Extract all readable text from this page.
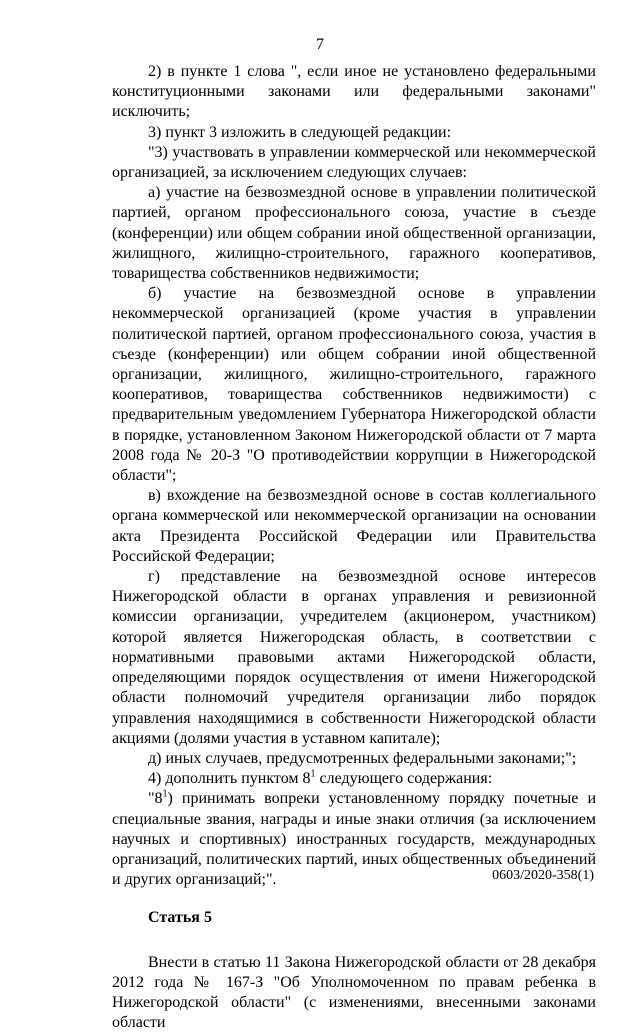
7

2) в пункте 1 слова ", если иное не установлено федеральными конституционными законами или федеральными законами" исключить;

3) пункт 3 изложить в следующей редакции:

"3) участвовать в управлении коммерческой или некоммерческой организацией, за исключением следующих случаев:

а) участие на безвозмездной основе в управлении политической партией, органом профессионального союза, участие в съезде (конференции) или общем собрании иной общественной организации, жилищного, жилищно-строительного, гаражного кооперативов, товарищества собственников недвижимости;

б) участие на безвозмездной основе в управлении некоммерческой организацией (кроме участия в управлении политической партией, органом профессионального союза, участия в съезде (конференции) или общем собрании иной общественной организации, жилищного, жилищно-строительного, гаражного кооперативов, товарищества собственников недвижимости) с предварительным уведомлением Губернатора Нижегородской области в порядке, установленном Законом Нижегородской области от 7 марта 2008 года № 20-З "О противодействии коррупции в Нижегородской области";

в) вхождение на безвозмездной основе в состав коллегиального органа коммерческой или некоммерческой организации на основании акта Президента Российской Федерации или Правительства Российской Федерации;

г) представление на безвозмездной основе интересов Нижегородской области в органах управления и ревизионной комиссии организации, учредителем (акционером, участником) которой является Нижегородская область, в соответствии с нормативными правовыми актами Нижегородской области, определяющими порядок осуществления от имени Нижегородской области полномочий учредителя организации либо порядок управления находящимися в собственности Нижегородской области акциями (долями участия в уставном капитале);

д) иных случаев, предусмотренных федеральными законами;";

4) дополнить пунктом $8^1$ следующего содержания:

"$8^1$) принимать вопреки установленному порядку почетные и специальные звания, награды и иные знаки отличия (за исключением научных и спортивных) иностранных государств, международных организаций, политических партий, иных общественных объединений и других организаций;".

Статья 5

Внести в статью 11 Закона Нижегородской области от 28 декабря 2012 года № 167-З "Об Уполномоченном по правам ребенка в Нижегородской области" (с изменениями, внесенными законами области

0603/2020-358(1)
